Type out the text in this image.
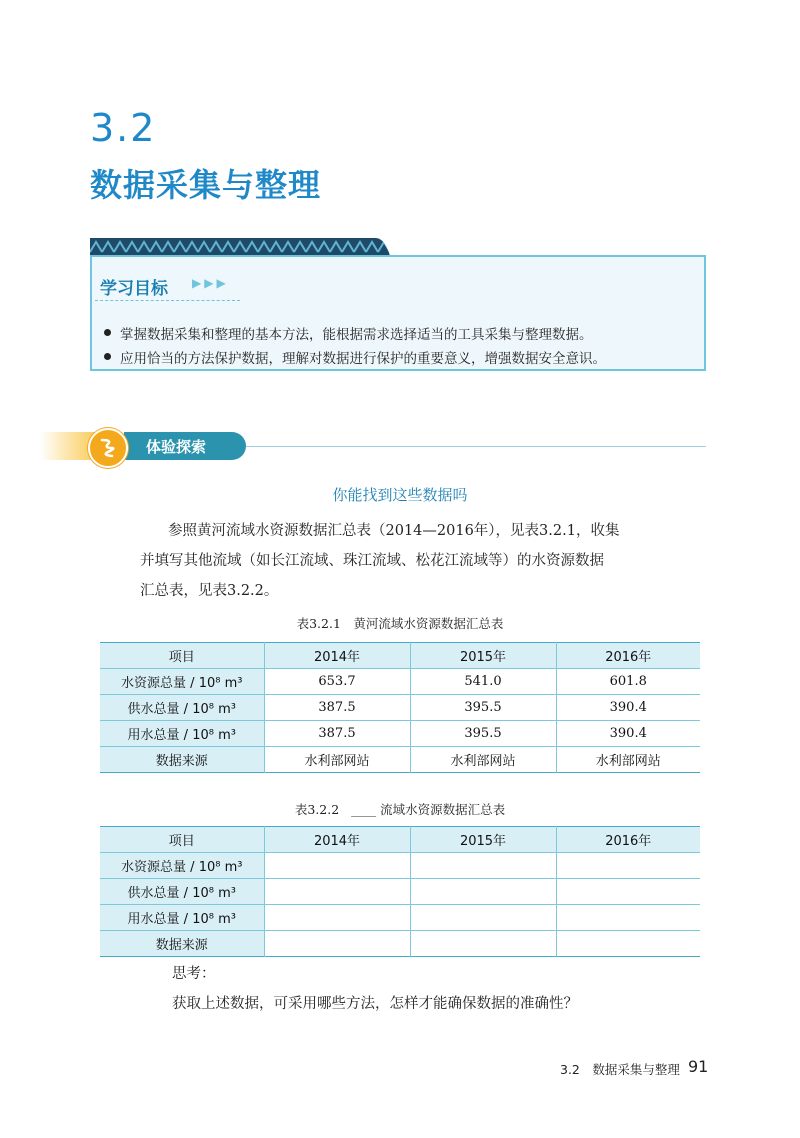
3.2
数据采集与整理
学习目标 ▶▶▶
掌握数据采集和整理的基本方法，能根据需求选择适当的工具采集与整理数据。
应用恰当的方法保护数据，理解对数据进行保护的重要意义，增强数据安全意识。
体验探索
你能找到这些数据吗

参照黄河流域水资源数据汇总表（2014—2016年），见表3.2.1，收集

并填写其他流域（如长江流域、珠江流域、松花江流域等）的水资源数据

汇总表，见表3.2.2。

表3.2.1　黄河流域水资源数据汇总表
项目	2014年	2015年	2016年
水资源总量 / 10⁸ m³	653.7	541.0	601.8
供水总量 / 10⁸ m³	387.5	395.5	390.4
用水总量 / 10⁸ m³	387.5	395.5	390.4
数据来源	水利部网站	水利部网站	水利部网站
表3.2.2 ____ 流域水资源数据汇总表
项目	2014年	2015年	2016年
水资源总量 / 10⁸ m³			
供水总量 / 10⁸ m³			
用水总量 / 10⁸ m³			
数据来源			
思考：
获取上述数据，可采用哪些方法，怎样才能确保数据的准确性？
3.2　数据采集与整理 91
